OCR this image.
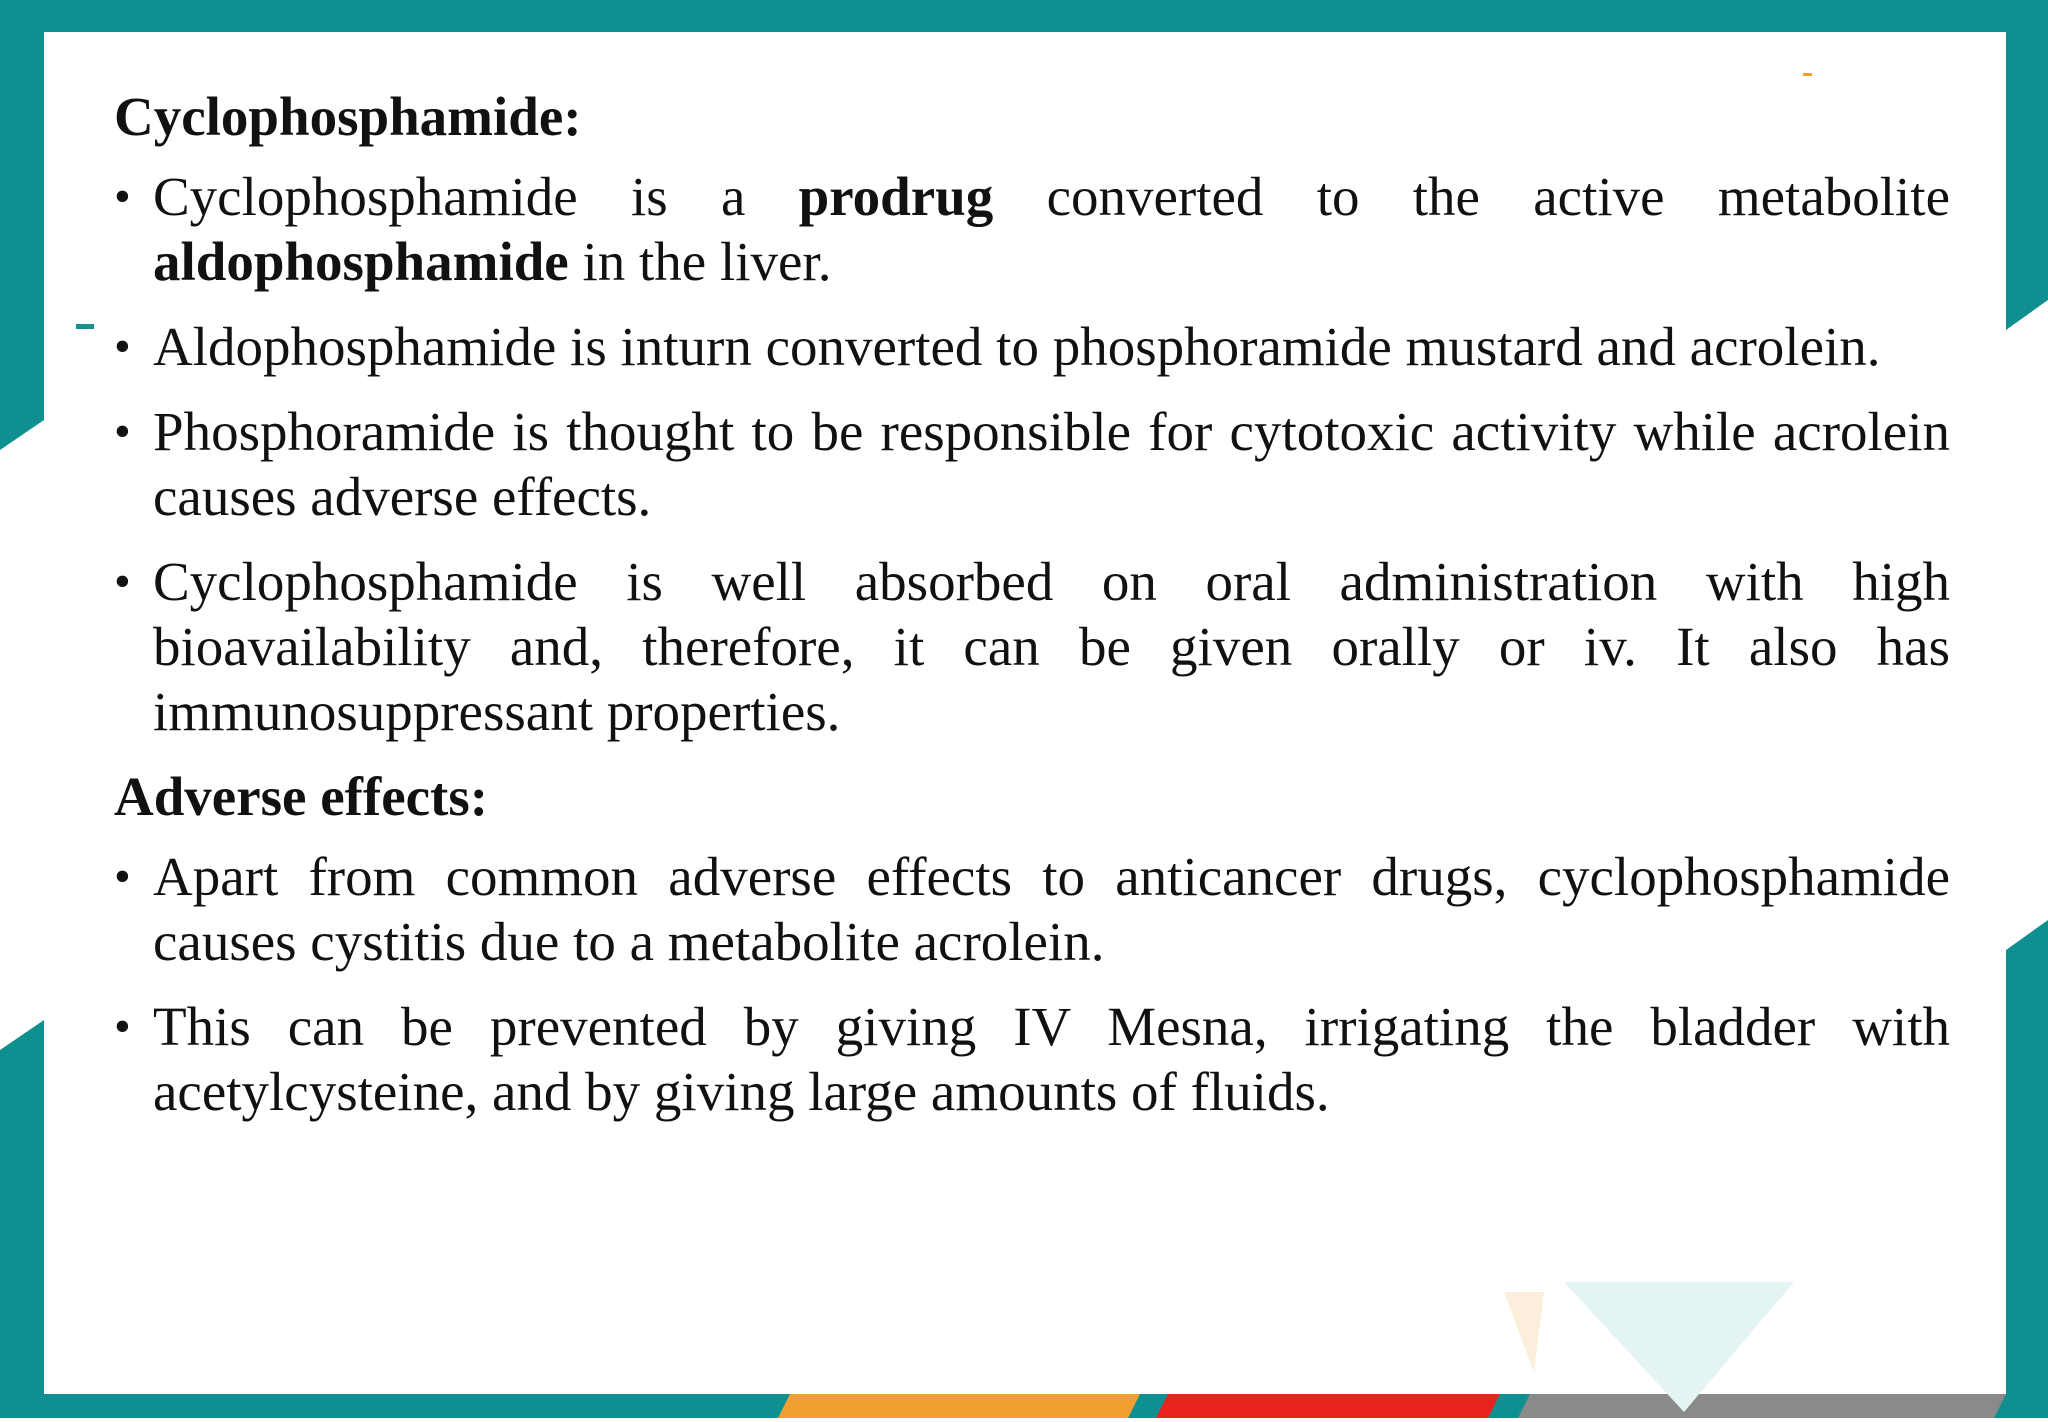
Cyclophosphamide:
• Cyclophosphamide is a prodrug converted to the active metabolite aldophosphamide in the liver.
• Aldophosphamide is inturn converted to phosphoramide mustard and acrolein.
• Phosphoramide is thought to be responsible for cytotoxic activity while acrolein causes adverse effects.
• Cyclophosphamide is well absorbed on oral administration with high bioavailability and, therefore, it can be given orally or iv. It also has immunosuppressant properties.
Adverse effects:
• Apart from common adverse effects to anticancer drugs, cyclophosphamide causes cystitis due to a metabolite acrolein.
• This can be prevented by giving IV Mesna, irrigating the bladder with acetylcysteine, and by giving large amounts of fluids.
